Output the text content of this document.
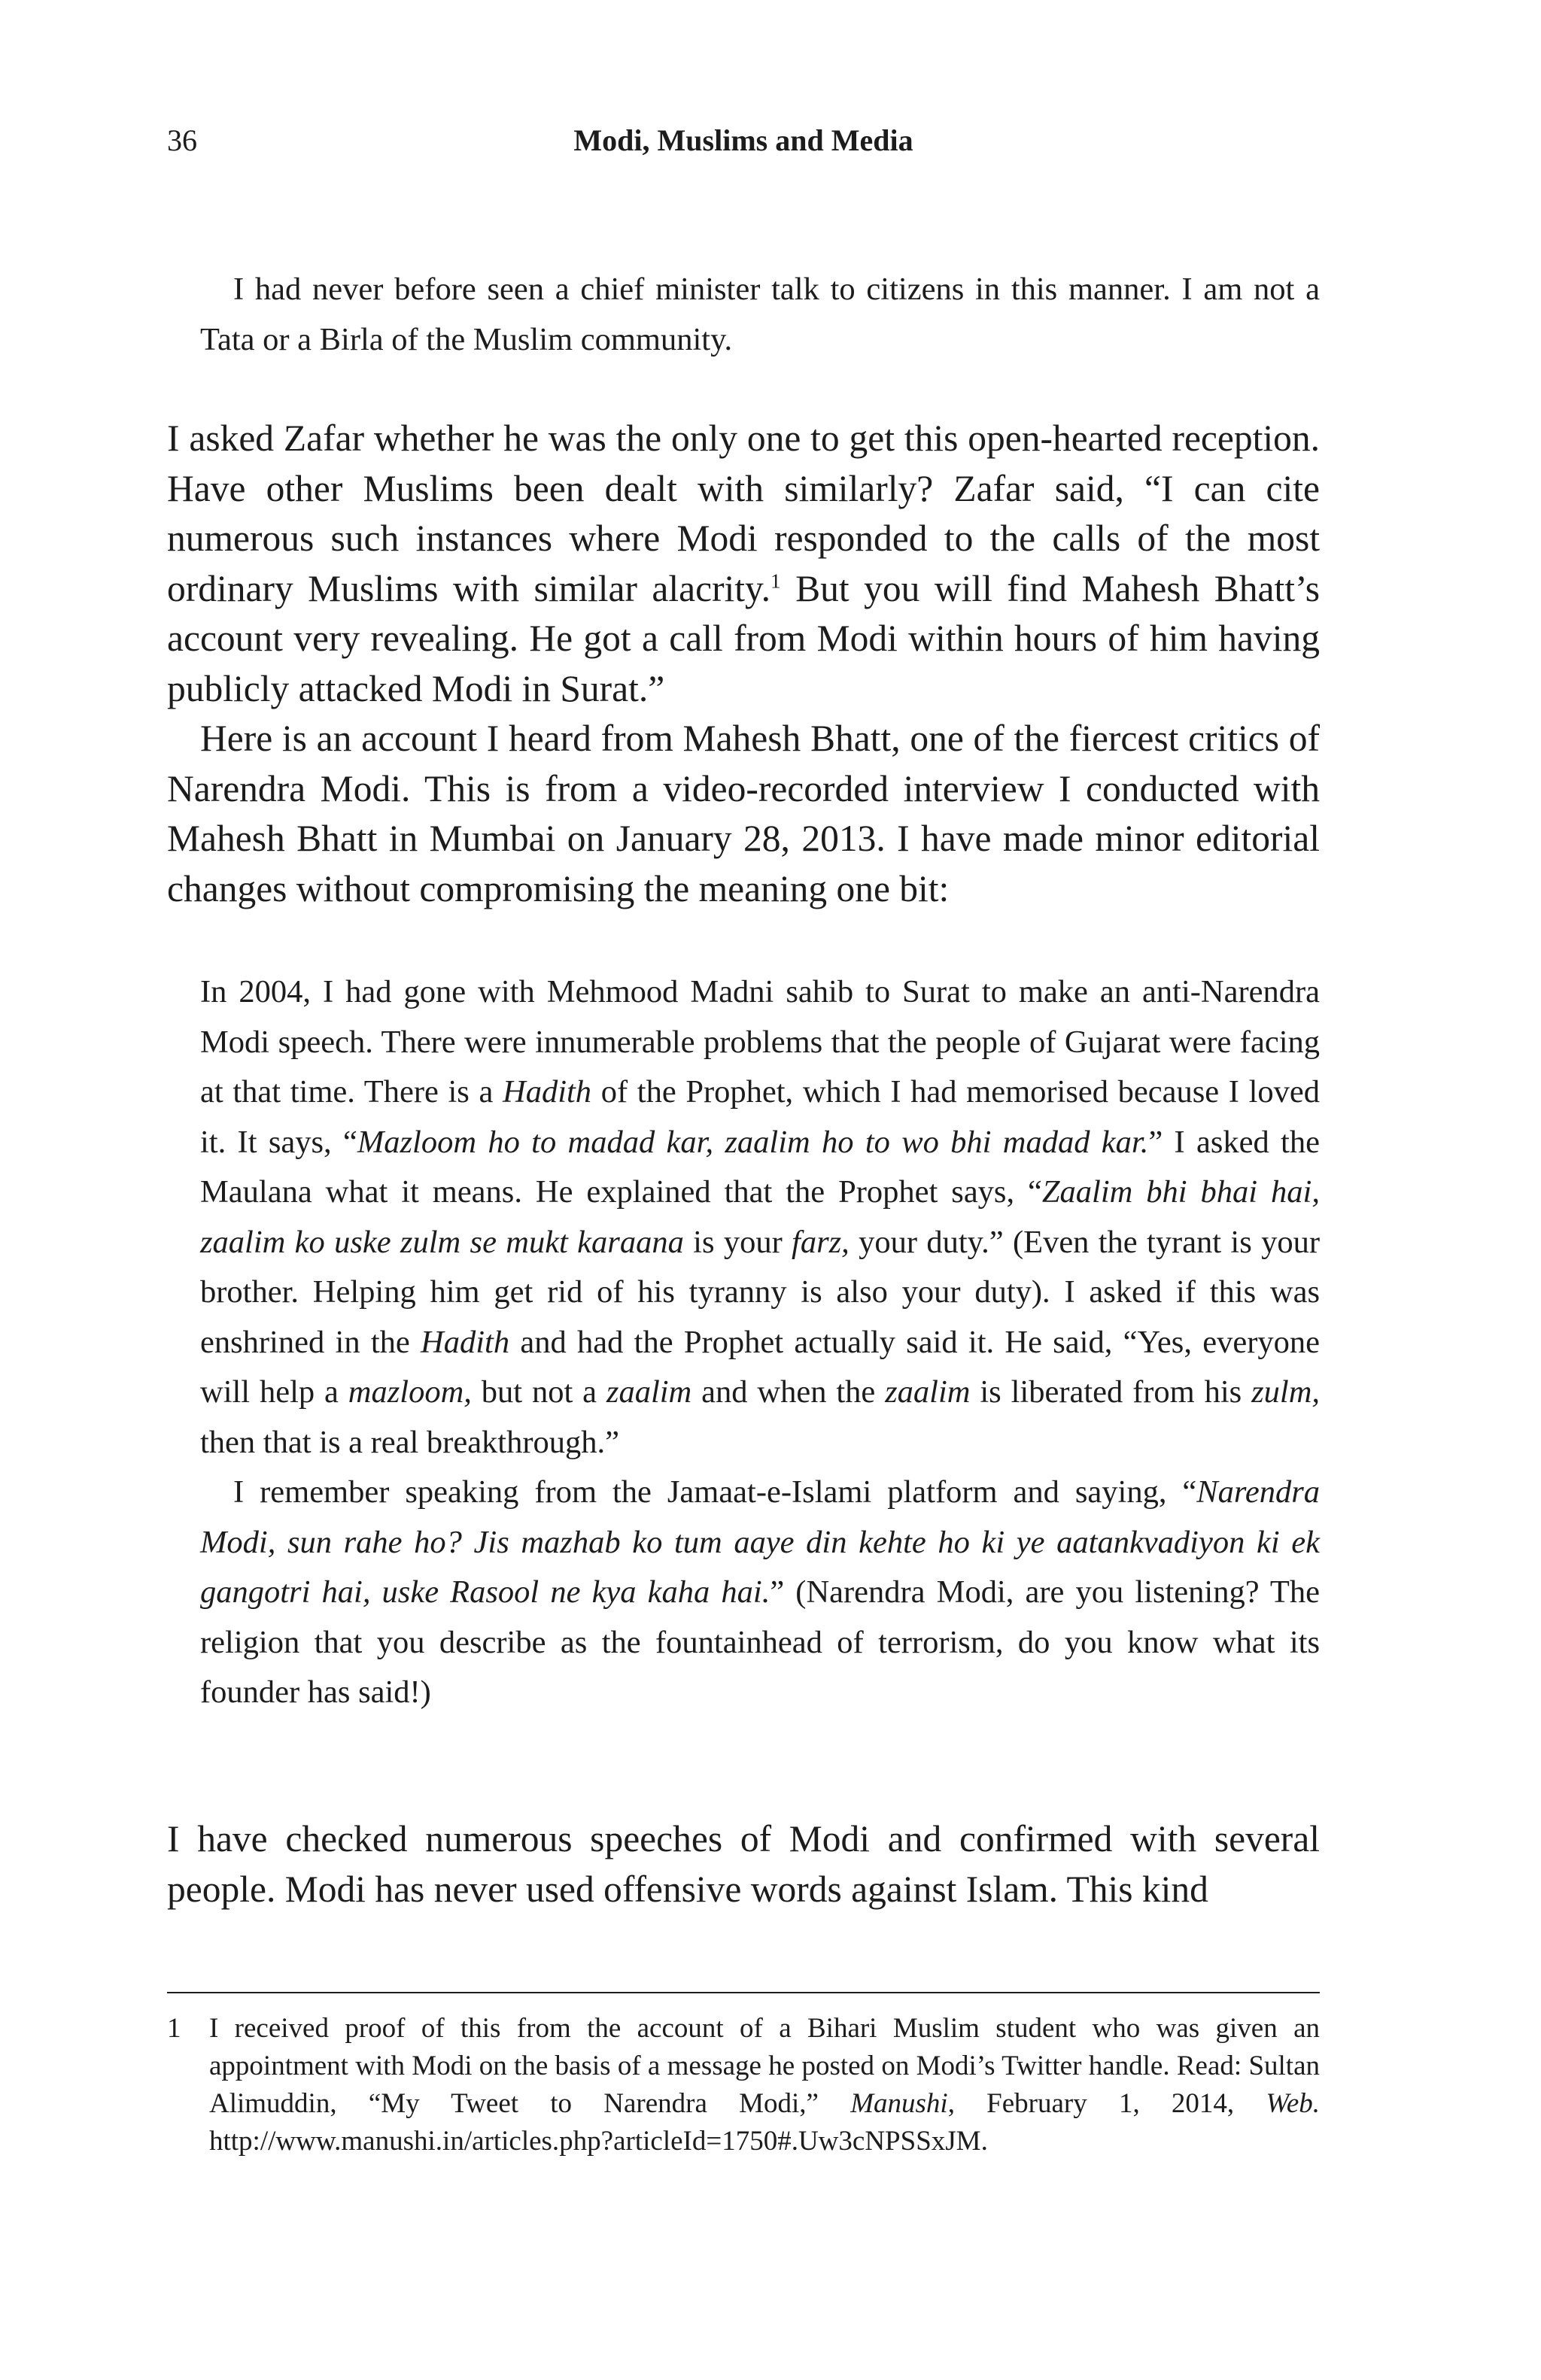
36	Modi, Muslims and Media

I had never before seen a chief minister talk to citizens in this manner. I am not a Tata or a Birla of the Muslim community.

I asked Zafar whether he was the only one to get this open-hearted reception. Have other Muslims been dealt with similarly? Zafar said, “I can cite numerous such instances where Modi responded to the calls of the most ordinary Muslims with similar alacrity.$^1$ But you will find Mahesh Bhatt’s account very revealing. He got a call from Modi within hours of him having publicly attacked Modi in Surat.”

Here is an account I heard from Mahesh Bhatt, one of the fiercest critics of Narendra Modi. This is from a video-recorded interview I conducted with Mahesh Bhatt in Mumbai on January 28, 2013. I have made minor editorial changes without compromising the meaning one bit:

In 2004, I had gone with Mehmood Madni sahib to Surat to make an anti-Narendra Modi speech. There were innumerable problems that the people of Gujarat were facing at that time. There is a Hadith of the Prophet, which I had memorised because I loved it. It says, “Mazloom ho to madad kar, zaalim ho to wo bhi madad kar.” I asked the Maulana what it means. He explained that the Prophet says, “Zaalim bhi bhai hai, zaalim ko uske zulm se mukt karaana is your farz, your duty.” (Even the tyrant is your brother. Helping him get rid of his tyranny is also your duty). I asked if this was enshrined in the Hadith and had the Prophet actually said it. He said, “Yes, everyone will help a mazloom, but not a zaalim and when the zaalim is liberated from his zulm, then that is a real breakthrough.”

I remember speaking from the Jamaat-e-Islami platform and saying, “Narendra Modi, sun rahe ho? Jis mazhab ko tum aaye din kehte ho ki ye aatankvadiyon ki ek gangotri hai, uske Rasool ne kya kaha hai.” (Narendra Modi, are you listening? The religion that you describe as the fountainhead of terrorism, do you know what its founder has said!)

I have checked numerous speeches of Modi and confirmed with several people. Modi has never used offensive words against Islam. This kind

1 I received proof of this from the account of a Bihari Muslim student who was given an appointment with Modi on the basis of a message he posted on Modi’s Twitter handle. Read: Sultan Alimuddin, “My Tweet to Narendra Modi,” Manushi, February 1, 2014, Web. http://www.manushi.in/articles.php?articleId=1750#.Uw3cNPSSxJM.
